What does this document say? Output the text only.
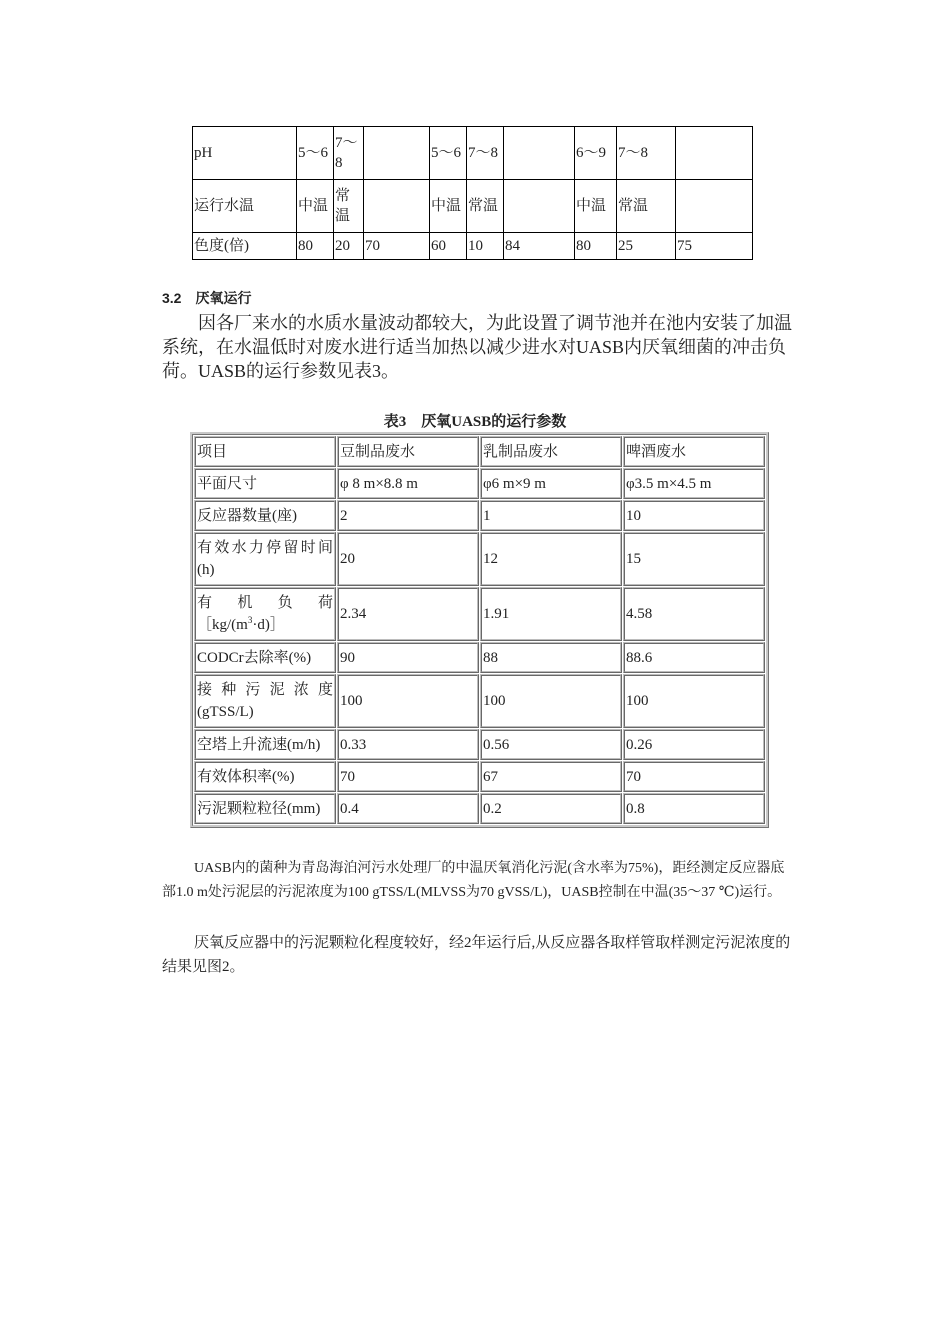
pH	5～6	7～8		5～6	7～8		6～9	7～8	
运行水温	中温	常温		中温	常温		中温	常温	
色度(倍)	80	20	70	60	10	84	80	25	75
3.2　厌氧运行

因各厂来水的水质水量波动都较大，为此设置了调节池并在池内安装了加温系统，在水温低时对废水进行适当加热以减少进水对UASB内厌氧细菌的冲击负荷。UASB的运行参数见表3。

表3　厌氧UASB的运行参数
项目	豆制品废水	乳制品废水	啤酒废水
平面尺寸	φ 8 m×8.8 m	φ6 m×9 m	φ3.5 m×4.5 m
反应器数量(座)	2	1	10
有效水力停留时间(h)	20	12	15
有机负荷$[kg/(m^3\cdot d)]$	2.34	1.91	4.58
CODCr去除率(%)	90	88	88.6
接种污泥浓度(gTSS/L)	100	100	100
空塔上升流速(m/h)	0.33	0.56	0.26
有效体积率(%)	70	67	70
污泥颗粒粒径(mm)	0.4	0.2	0.8

UASB内的菌种为青岛海泊河污水处理厂的中温厌氧消化污泥(含水率为75%)，距经测定反应器底部1.0 m处污泥层的污泥浓度为100 gTSS/L(MLVSS为70 gVSS/L)，UASB控制在中温(35～37 ℃)运行。

厌氧反应器中的污泥颗粒化程度较好，经2年运行后,从反应器各取样管取样测定污泥浓度的结果见图2。
